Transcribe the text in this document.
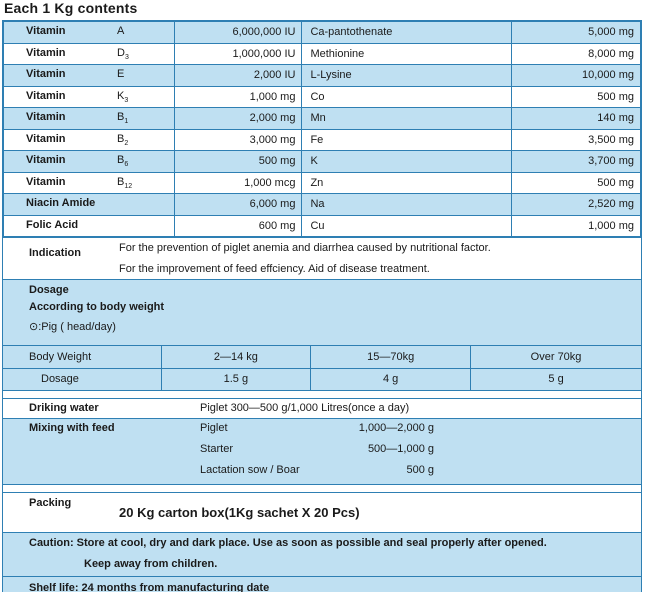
Each 1 Kg contents
Vitamin A	6,000,000 IU	Ca-pantothenate	5,000 mg

Vitamin $D_3$	1,000,000 IU	Methionine	8,000 mg

Vitamin E	2,000 IU	L-Lysine	10,000 mg

Vitamin $K_3$	1,000 mg	Co	500 mg

Vitamin $B_1$	2,000 mg	Mn	140 mg

Vitamin $B_2$	3,000 mg	Fe	3,500 mg

Vitamin $B_6$	500 mg	K	3,700 mg

Vitamin $B_{12}$	1,000 mcg	Zn	500 mg

Niacin Amide	6,000 mg	Na	2,520 mg

Folic Acid	600 mg	Cu	1,000 mg
Indication	For the prevention of piglet anemia and diarrhea caused by nutritional factor.
For the improvement of feed effciency. Aid of disease treatment.
Dosage
According to body weight
⊙:Pig ( head/day)
Body Weight	2—14 kg	15—70kg	Over 70kg
Dosage	1.5 g	4 g	5 g
Driking water	Piglet 300—500 g/1,000 Litres(once a day)
Mixing with feed	Piglet	1,000—2,000 g
Starter	500—1,000 g
Lactation sow / Boar	500 g
Packing
20 Kg carton box(1Kg sachet X 20 Pcs)
Caution: Store at cool, dry and dark place. Use as soon as possible and seal properly after opened.
Keep away from children.
Shelf life: 24 months from manufacturing date
